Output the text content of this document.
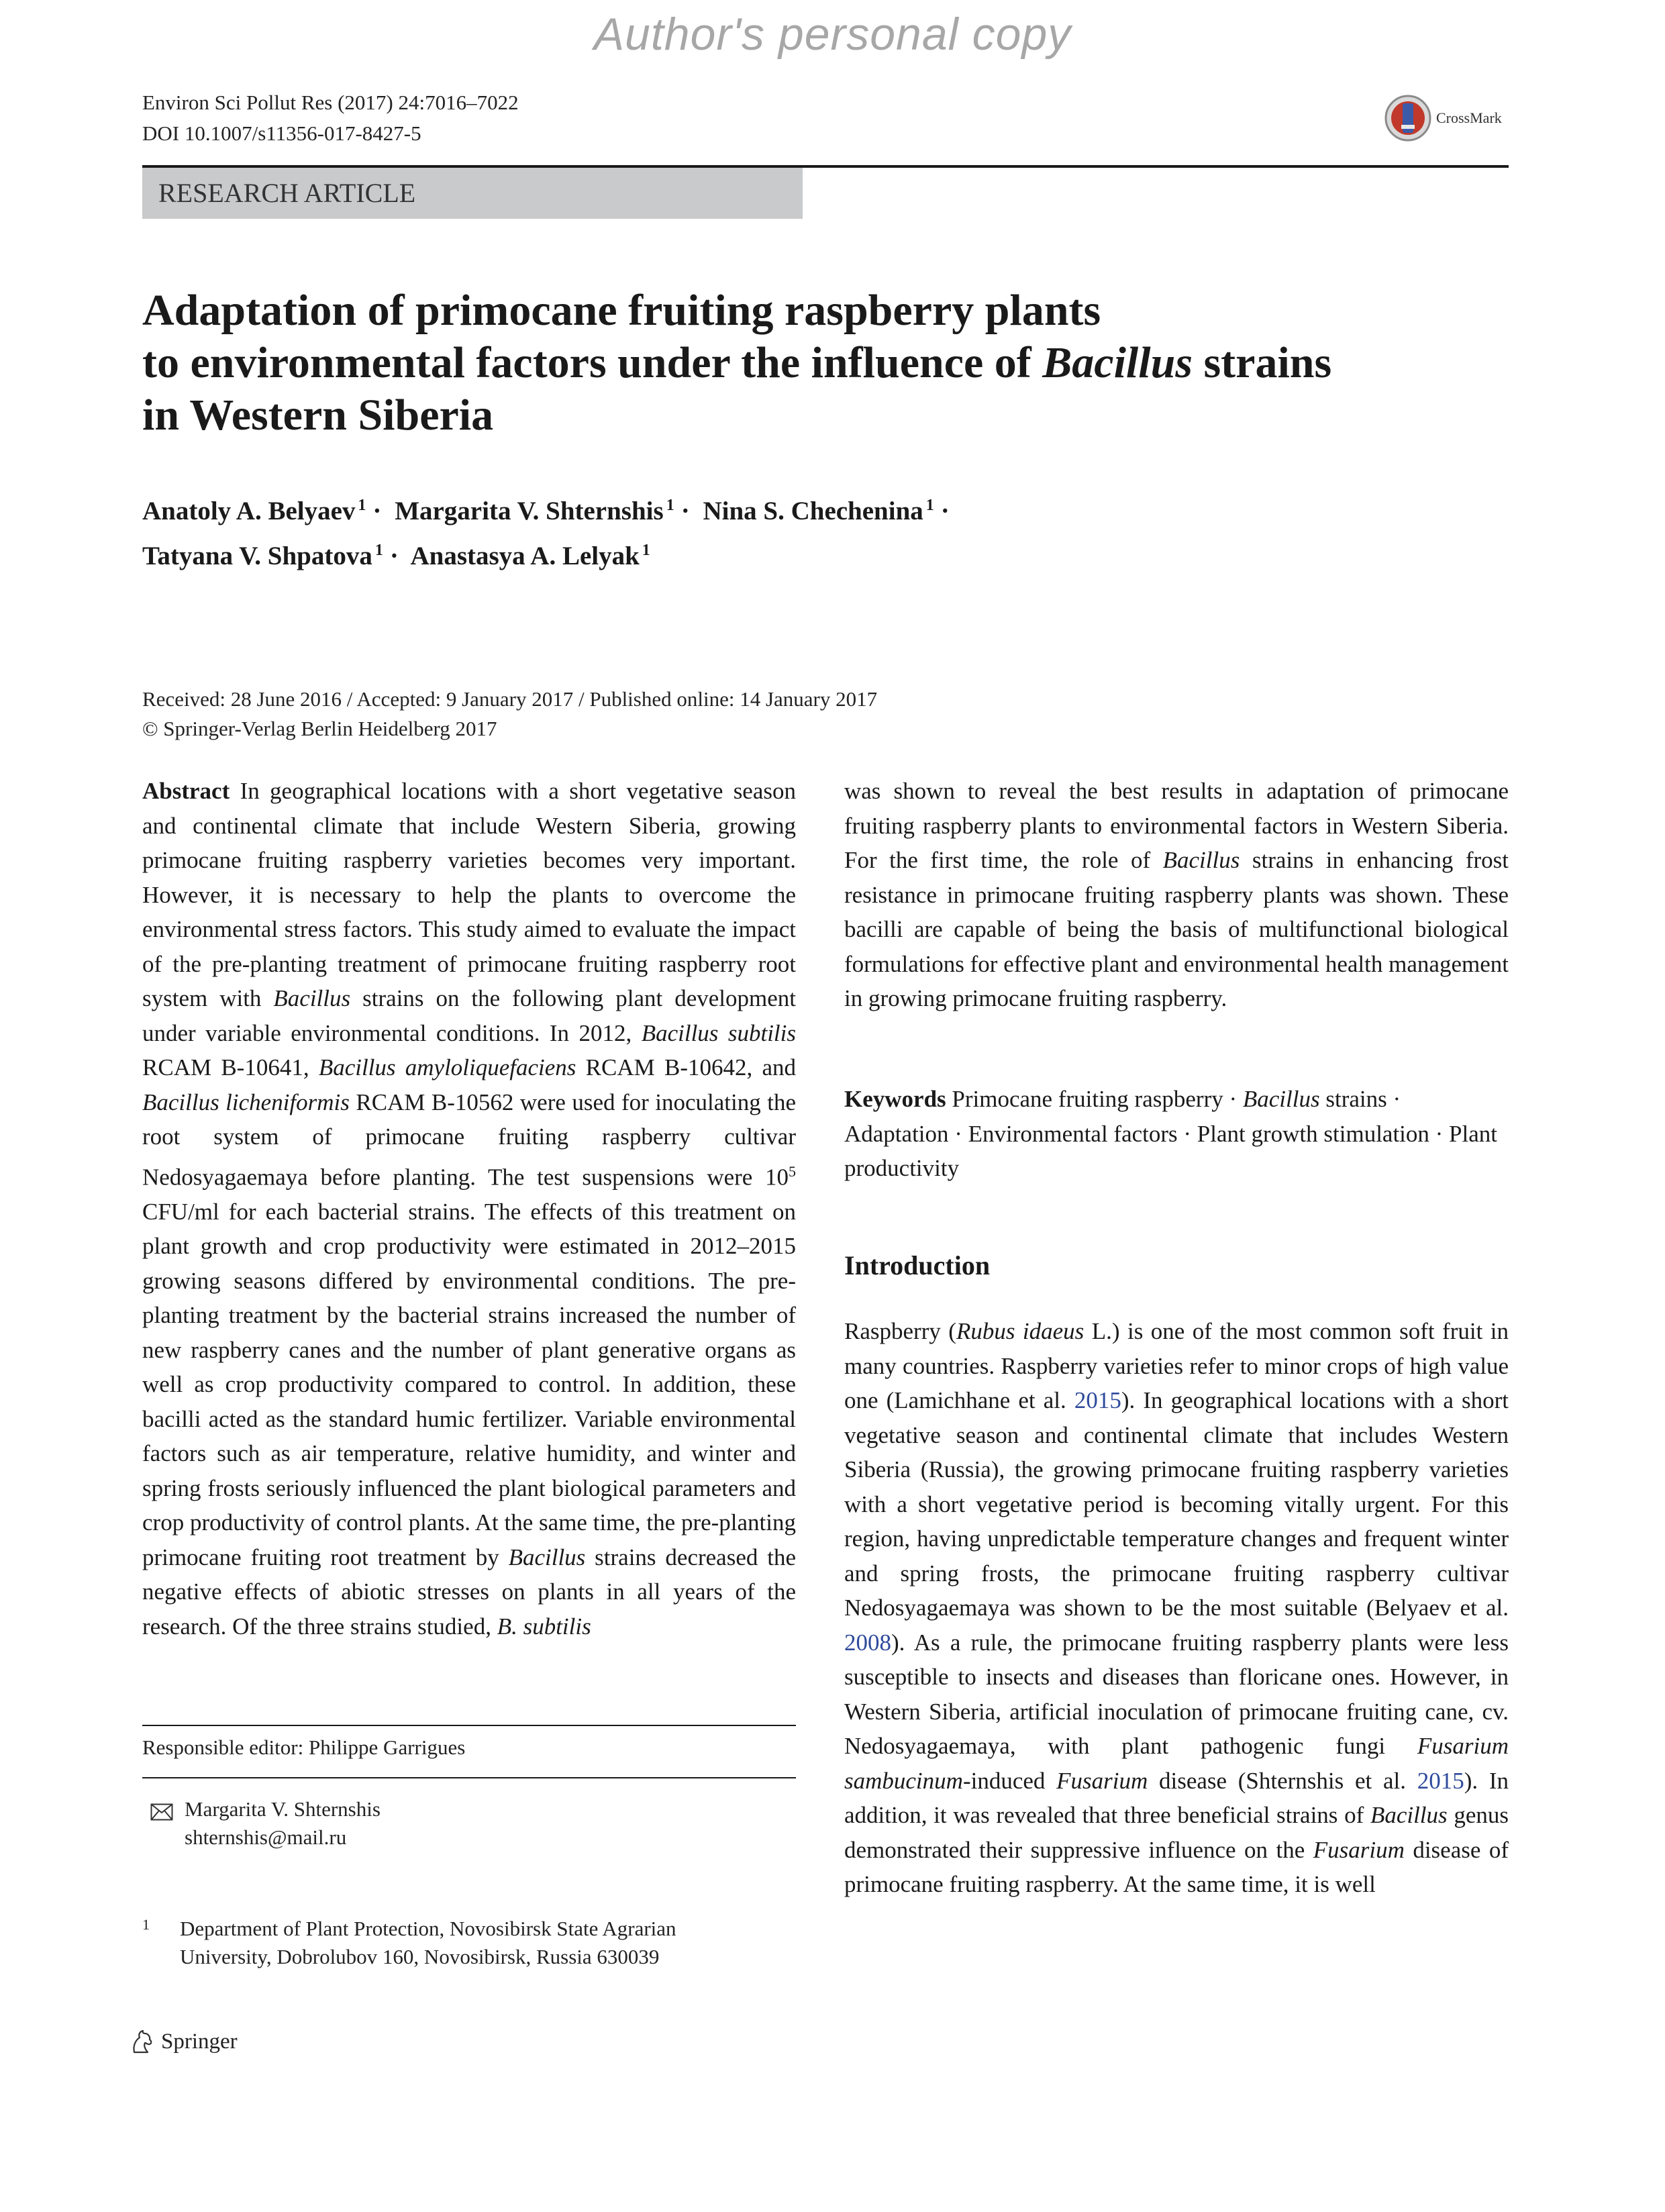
Author's personal copy
Environ Sci Pollut Res (2017) 24:7016–7022
DOI 10.1007/s11356-017-8427-5
CrossMark
RESEARCH ARTICLE
Adaptation of primocane fruiting raspberry plants
to environmental factors under the influence of Bacillus strains
in Western Siberia
Anatoly A. Belyaev $^1$ · Margarita V. Shternshis $^1$ · Nina S. Chechenina $^1$ ·
Tatyana V. Shpatova $^1$ · Anastasya A. Lelyak $^1$
Received: 28 June 2016 / Accepted: 9 January 2017 / Published online: 14 January 2017
© Springer-Verlag Berlin Heidelberg 2017

Abstract In geographical locations with a short vegetative season and continental climate that include Western Siberia, growing primocane fruiting raspberry varieties becomes very important. However, it is necessary to help the plants to overcome the environmental stress factors. This study aimed to evaluate the impact of the pre-planting treatment of primocane fruiting raspberry root system with Bacillus strains on the following plant development under variable environmental conditions. In 2012, Bacillus subtilis RCAM B-10641, Bacillus amyloliquefaciens RCAM B-10642, and Bacillus licheniformis RCAM B-10562 were used for inoculating the root system of primocane fruiting raspberry cultivar Nedosyagaemaya before planting. The test suspensions were $10^5$ CFU/ml for each bacterial strains. The effects of this treatment on plant growth and crop productivity were estimated in 2012–2015 growing seasons differed by environmental conditions. The pre-planting treatment by the bacterial strains increased the number of new raspberry canes and the number of plant generative organs as well as crop productivity compared to control. In addition, these bacilli acted as the standard humic fertilizer. Variable environmental factors such as air temperature, relative humidity, and winter and spring frosts seriously influenced the plant biological parameters and crop productivity of control plants. At the same time, the pre-planting primocane fruiting root treatment by Bacillus strains decreased the negative effects of abiotic stresses on plants in all years of the research. Of the three strains studied, B. subtilis

was shown to reveal the best results in adaptation of primocane fruiting raspberry plants to environmental factors in Western Siberia. For the first time, the role of Bacillus strains in enhancing frost resistance in primocane fruiting raspberry plants was shown. These bacilli are capable of being the basis of multifunctional biological formulations for effective plant and environmental health management in growing primocane fruiting raspberry.

Keywords Primocane fruiting raspberry · Bacillus strains · Adaptation · Environmental factors · Plant growth stimulation · Plant productivity
Introduction

Raspberry (Rubus idaeus L.) is one of the most common soft fruit in many countries. Raspberry varieties refer to minor crops of high value one (Lamichhane et al. 2015). In geographical locations with a short vegetative season and continental climate that includes Western Siberia (Russia), the growing primocane fruiting raspberry varieties with a short vegetative period is becoming vitally urgent. For this region, having unpredictable temperature changes and frequent winter and spring frosts, the primocane fruiting raspberry cultivar Nedosyagaemaya was shown to be the most suitable (Belyaev et al. 2008). As a rule, the primocane fruiting raspberry plants were less susceptible to insects and diseases than floricane ones. However, in Western Siberia, artificial inoculation of primocane fruiting cane, cv. Nedosyagaemaya, with plant pathogenic fungi Fusarium sambucinum-induced Fusarium disease (Shternshis et al. 2015). In addition, it was revealed that three beneficial strains of Bacillus genus demonstrated their suppressive influence on the Fusarium disease of primocane fruiting raspberry. At the same time, it is well

Responsible editor: Philippe Garrigues
Margarita V. Shternshis
shternshis@mail.ru
1	Department of Plant Protection, Novosibirsk State Agrarian
University, Dobrolubov 160, Novosibirsk, Russia 630039
Springer
